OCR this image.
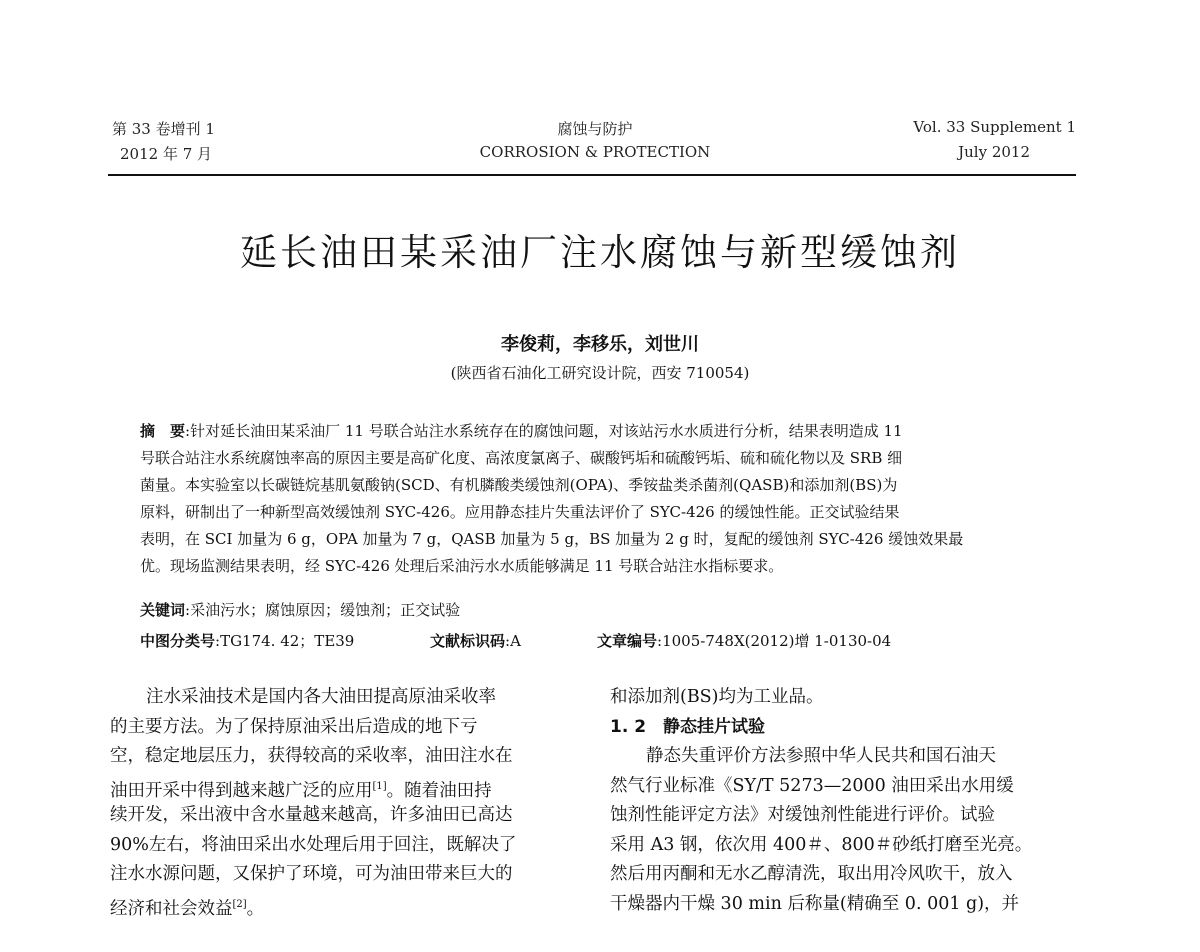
第 33 卷增刊 1
2012 年 7 月
腐蚀与防护
CORROSION & PROTECTION
Vol. 33 Supplement 1
July 2012
延长油田某采油厂注水腐蚀与新型缓蚀剂
李俊莉，李移乐，刘世川
(陕西省石油化工研究设计院，西安 710054)
摘　要:针对延长油田某采油厂 11 号联合站注水系统存在的腐蚀问题，对该站污水水质进行分析，结果表明造成 11
号联合站注水系统腐蚀率高的原因主要是高矿化度、高浓度氯离子、碳酸钙垢和硫酸钙垢、硫和硫化物以及 SRB 细
菌量。本实验室以长碳链烷基肌氨酸钠(SCD、有机膦酸类缓蚀剂(OPA)、季铵盐类杀菌剂(QASB)和添加剂(BS)为
原料，研制出了一种新型高效缓蚀剂 SYC-426。应用静态挂片失重法评价了 SYC-426 的缓蚀性能。正交试验结果
表明，在 SCI 加量为 6 g，OPA 加量为 7 g，QASB 加量为 5 g，BS 加量为 2 g 时，复配的缓蚀剂 SYC-426 缓蚀效果最
优。现场监测结果表明，经 SYC-426 处理后采油污水水质能够满足 11 号联合站注水指标要求。
关键词:采油污水；腐蚀原因；缓蚀剂；正交试验
中图分类号:TG174. 42；TE39	文献标识码:A	文章编号:1005-748X(2012)增 1-0130-04
注水采油技术是国内各大油田提高原油采收率
的主要方法。为了保持原油采出后造成的地下亏
空，稳定地层压力，获得较高的采收率，油田注水在
油田开采中得到越来越广泛的应用[1]。随着油田持
续开发，采出液中含水量越来越高，许多油田已高达
90%左右，将油田采出水处理后用于回注，既解决了
注水水源问题，又保护了环境，可为油田带来巨大的
经济和社会效益[2]。
和添加剂(BS)均为工业品。
1. 2　静态挂片试验
静态失重评价方法参照中华人民共和国石油天
然气行业标准《SY/T 5273—2000 油田采出水用缓
蚀剂性能评定方法》对缓蚀剂性能进行评价。试验
采用 A3 钢，依次用 400＃、800＃砂纸打磨至光亮。
然后用丙酮和无水乙醇清洗，取出用冷风吹干，放入
干燥器内干燥 30 min 后称量(精确至 0. 001 g)，并
